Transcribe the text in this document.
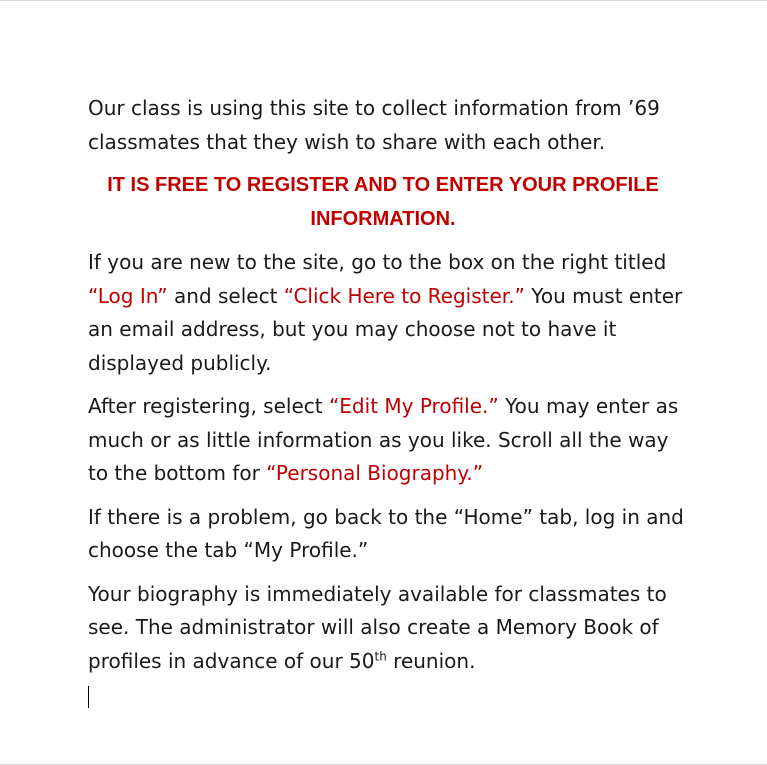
Our class is using this site to collect information from ’69 classmates that they wish to share with each other.

IT IS FREE TO REGISTER AND TO ENTER YOUR PROFILE INFORMATION.

If you are new to the site, go to the box on the right titled “Log In” and select “Click Here to Register.” You must enter an email address, but you may choose not to have it displayed publicly.

After registering, select “Edit My Profile.” You may enter as much or as little information as you like. Scroll all the way to the bottom for “Personal Biography.”

If there is a problem, go back to the “Home” tab, log in and choose the tab “My Profile.”

Your biography is immediately available for classmates to see. The administrator will also create a Memory Book of profiles in advance of our 50th reunion.
